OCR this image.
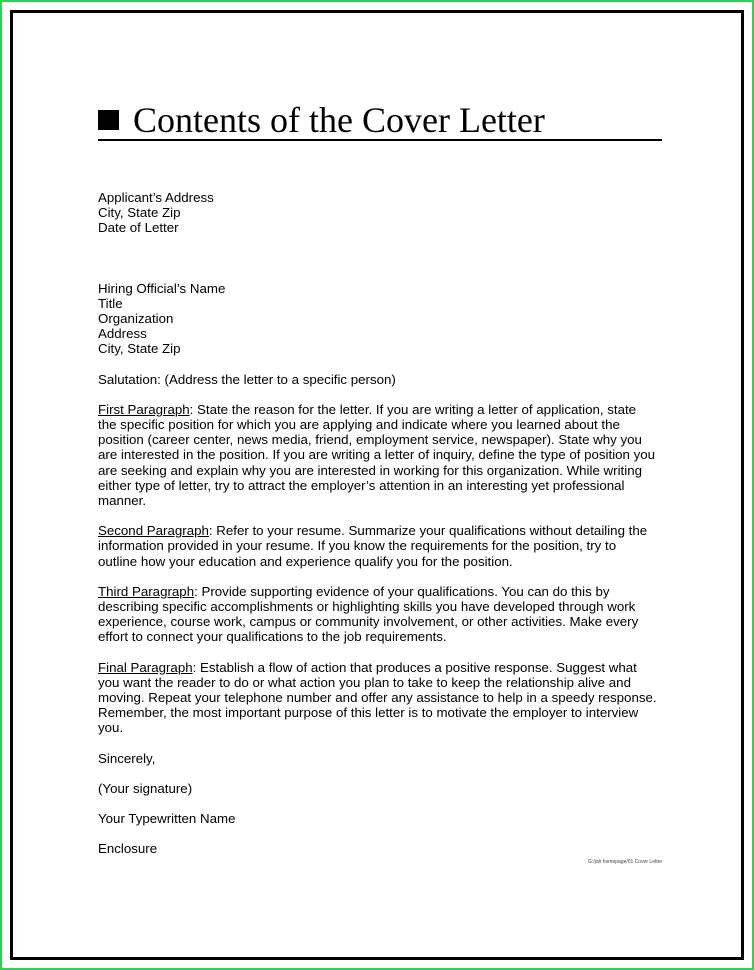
Contents of the Cover Letter
Applicant’s Address
City, State Zip
Date of Letter
Hiring Official’s Name
Title
Organization
Address
City, State Zip
Salutation: (Address the letter to a specific person)
First Paragraph: State the reason for the letter. If you are writing a letter of application, state the specific position for which you are applying and indicate where you learned about the position (career center, news media, friend, employment service, newspaper). State why you are interested in the position. If you are writing a letter of inquiry, define the type of position you are seeking and explain why you are interested in working for this organization. While writing either type of letter, try to attract the employer’s attention in an interesting yet professional manner.
Second Paragraph: Refer to your resume. Summarize your qualifications without detailing the information provided in your resume. If you know the requirements for the position, try to outline how your education and experience qualify you for the position.
Third Paragraph: Provide supporting evidence of your qualifications. You can do this by describing specific accomplishments or highlighting skills you have developed through work experience, course work, campus or community involvement, or other activities. Make every effort to connect your qualifications to the job requirements.
Final Paragraph: Establish a flow of action that produces a positive response. Suggest what you want the reader to do or what action you plan to take to keep the relationship alive and moving. Repeat your telephone number and offer any assistance to help in a speedy response. Remember, the most important purpose of this letter is to motivate the employer to interview you.
Sincerely,
(Your signature)
Your Typewritten Name
Enclosure
G:/job homepage/01 Cover Letter
